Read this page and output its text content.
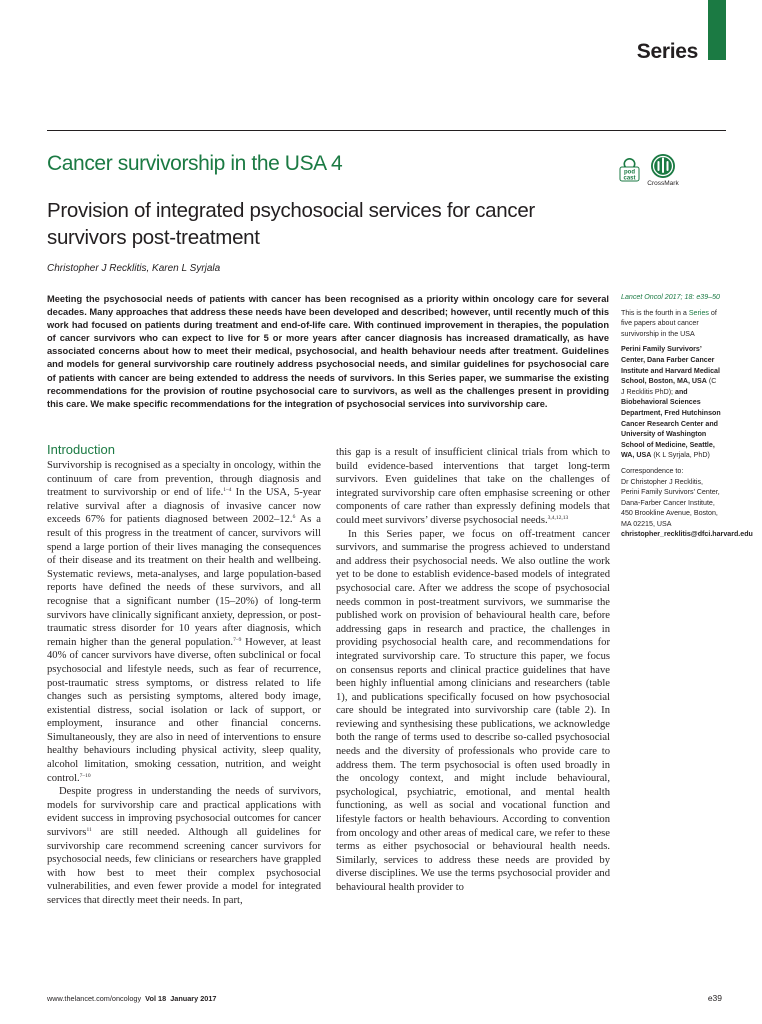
Series
Cancer survivorship in the USA 4	pod
cast
CrossMark
Provision of integrated psychosocial services for cancer survivors post-treatment
Christopher J Recklitis, Karen L Syrjala

Meeting the psychosocial needs of patients with cancer has been recognised as a priority within oncology care for several decades. Many approaches that address these needs have been developed and described; however, until recently much of this work had focused on patients during treatment and end-of-life care. With continued improvement in therapies, the population of cancer survivors who can expect to live for 5 or more years after cancer diagnosis has increased dramatically, as have associated concerns about how to meet their medical, psychosocial, and health behaviour needs after treatment. Guidelines and models for general survivorship care routinely address psychosocial needs, and similar guidelines for psychosocial care of patients with cancer are being extended to address the needs of survivors. In this Series paper, we summarise the existing recommendations for the provision of routine psychosocial care to survivors, as well as the challenges present in providing this care. We make specific recommendations for the integration of psychosocial services into survivorship care.

Lancet Oncol 2017; 18: e39–50

This is the fourth in a Series of five papers about cancer survivorship in the USA

Perini Family Survivors’ Center, Dana Farber Cancer Institute and Harvard Medical School, Boston, MA, USA (C J Recklitis PhD); and Biobehavioral Sciences Department, Fred Hutchinson Cancer Research Center and University of Washington School of Medicine, Seattle, WA, USA (K L Syrjala, PhD)

Correspondence to:
Dr Christopher J Recklitis, Perini Family Survivors’ Center, Dana-Farber Cancer Institute, 450 Brookline Avenue, Boston, MA 02215, USA
christopher_recklitis@dfci.harvard.edu

Introduction

Survivorship is recognised as a specialty in oncology, within the continuum of care from prevention, through diagnosis and treatment to survivorship or end of life.$^{1-4}$ In the USA, 5-year relative survival after a diagnosis of invasive cancer now exceeds 67% for patients diagnosed between 2002–12.$^6$ As a result of this progress in the treatment of cancer, survivors will spend a large portion of their lives managing the consequences of their disease and its treatment on their health and wellbeing. Systematic reviews, meta-analyses, and large population-based reports have defined the needs of these survivors, and all recognise that a significant number (15–20%) of long-term survivors have clinically significant anxiety, depression, or post-traumatic stress disorder for 10 years after diagnosis, which remain higher than the general population.$^{7-9}$ However, at least 40% of cancer survivors have diverse, often subclinical or focal psychosocial and lifestyle needs, such as fear of recurrence, post-traumatic stress symptoms, or distress related to life changes such as persisting symptoms, altered body image, existential distress, social isolation or lack of support, or employment, insurance and other financial concerns. Simultaneously, they are also in need of interventions to ensure healthy behaviours including physical activity, sleep quality, alcohol limitation, smoking cessation, nutrition, and weight control.$^{7-10}$

Despite progress in understanding the needs of survivors, models for survivorship care and practical applications with evident success in improving psychosocial outcomes for cancer survivors$^{11}$ are still needed. Although all guidelines for survivorship care recommend screening cancer survivors for psychosocial needs, few clinicians or researchers have grappled with how best to meet their complex psychosocial vulnerabilities, and even fewer provide a model for integrated services that directly meet their needs. In part,

this gap is a result of insufficient clinical trials from which to build evidence-based interventions that target long-term survivors. Even guidelines that take on the challenges of integrated survivorship care often emphasise screening or other components of care rather than expressly defining models that could meet survivors’ diverse psychosocial needs.$^{3,4,12,13}$

In this Series paper, we focus on off-treatment cancer survivors, and summarise the progress achieved to understand and address their psychosocial needs. We also outline the work yet to be done to establish evidence-based models of integrated psychosocial care. After we address the scope of psychosocial needs common in post-treatment survivors, we summarise the published work on provision of behavioural health care, before addressing gaps in research and practice, the challenges in providing psychosocial health care, and recommendations for integrated survivorship care. To structure this paper, we focus on consensus reports and clinical practice guidelines that have been highly influential among clinicians and researchers (table 1), and publications specifically focused on how psychosocial care should be integrated into survivorship care (table 2). In reviewing and synthesising these publications, we acknowledge both the range of terms used to describe so-called psychosocial needs and the diversity of professionals who provide care to address them. The term psychosocial is often used broadly in the oncology context, and might include behavioural, psychological, psychiatric, emotional, and mental health functioning, as well as social and vocational function and lifestyle factors or health behaviours. According to convention from oncology and other areas of medical care, we refer to these terms as either psychosocial or behavioural health needs. Similarly, services to address these needs are provided by diverse disciplines. We use the terms psychosocial provider and behavioural health provider to

www.thelancet.com/oncology Vol 18 January 2017	e39
